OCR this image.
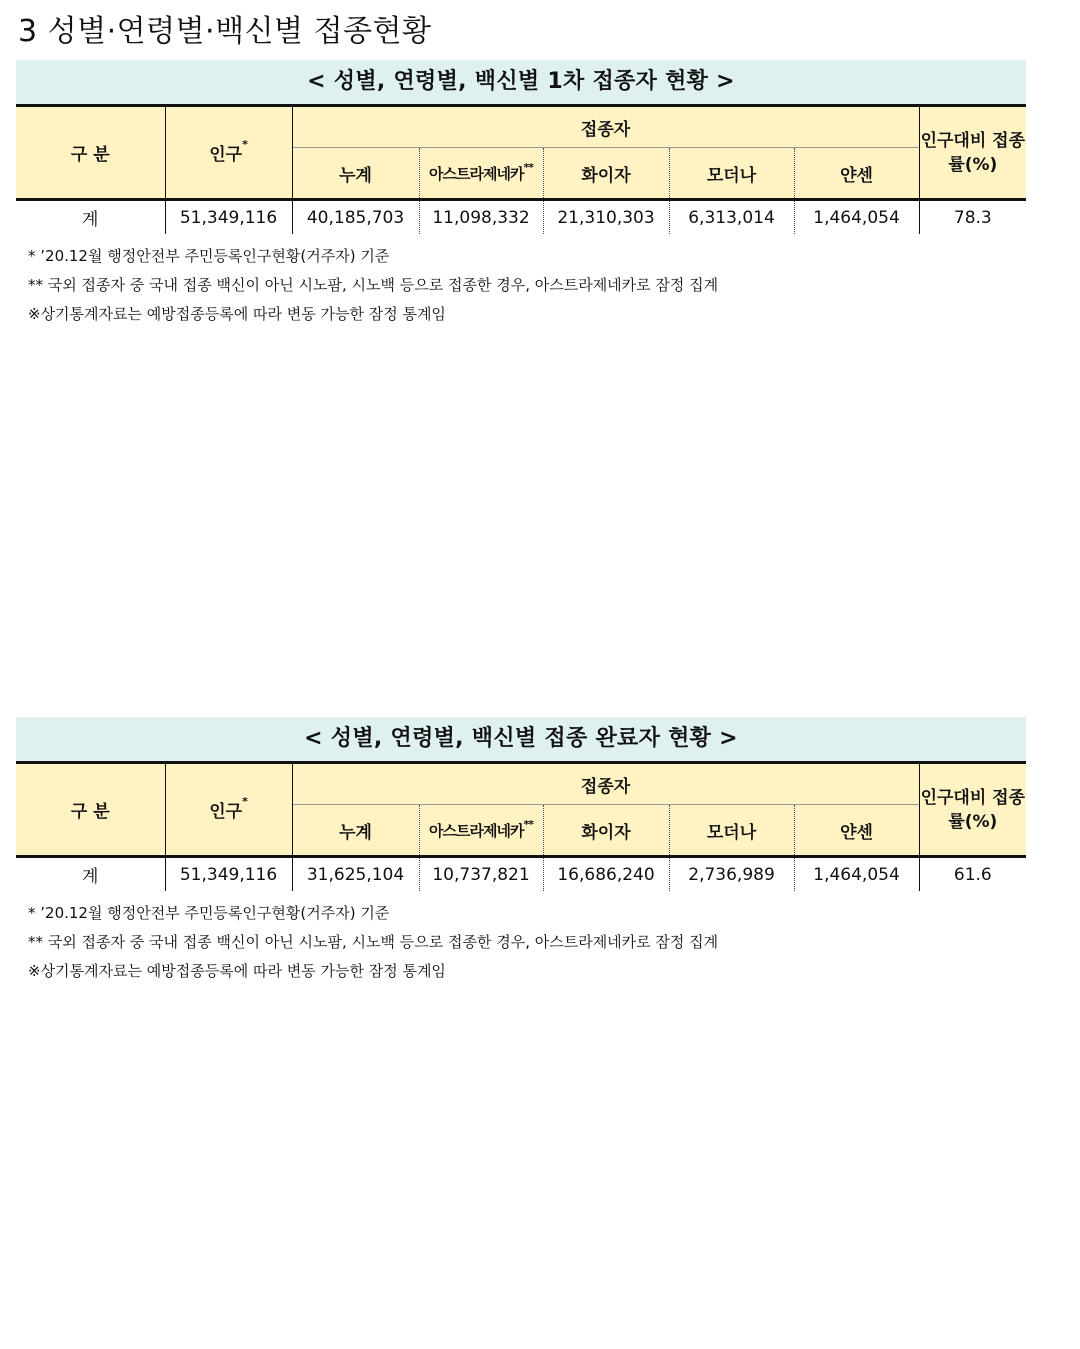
3 성별·연령별·백신별 접종현황
< 성별, 연령별, 백신별 1차 접종자 현황 >
구 분	인구*	접종자					인구대비 접종률(%)
		누계	아스트라제네카**	화이자	모더나	얀센	
계	51,349,116	40,185,703	11,098,332	21,310,303	6,313,014	1,464,054	78.3
* ’20.12월 행정안전부 주민등록인구현황(거주자) 기준
** 국외 접종자 중 국내 접종 백신이 아닌 시노팜, 시노백 등으로 접종한 경우, 아스트라제네카로 잠정 집계
※상기통계자료는 예방접종등록에 따라 변동 가능한 잠정 통계임
< 성별, 연령별, 백신별 접종 완료자 현황 >
구 분	인구*	접종자					인구대비 접종률(%)
		누계	아스트라제네카**	화이자	모더나	얀센	
계	51,349,116	31,625,104	10,737,821	16,686,240	2,736,989	1,464,054	61.6
* ’20.12월 행정안전부 주민등록인구현황(거주자) 기준
** 국외 접종자 중 국내 접종 백신이 아닌 시노팜, 시노백 등으로 접종한 경우, 아스트라제네카로 잠정 집계
※상기통계자료는 예방접종등록에 따라 변동 가능한 잠정 통계임
